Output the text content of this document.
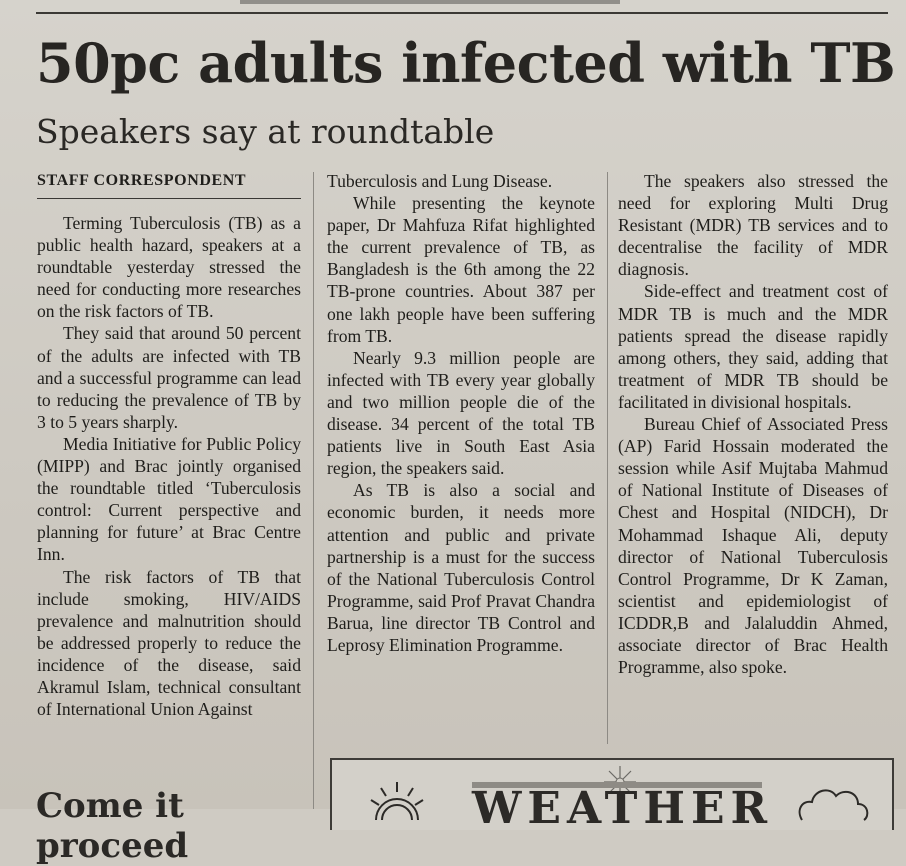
50pc adults infected with TB
Speakers say at roundtable
STAFF CORRESPONDENT

Terming Tuberculosis (TB) as a public health hazard, speakers at a roundtable yesterday stressed the need for conducting more researches on the risk factors of TB.

They said that around 50 percent of the adults are infected with TB and a successful programme can lead to reducing the prevalence of TB by 3 to 5 years sharply.

Media Initiative for Public Policy (MIPP) and Brac jointly organised the roundtable titled ‘Tuberculosis control: Current perspective and planning for future’ at Brac Centre Inn.

The risk factors of TB that include smoking, HIV/AIDS prevalence and malnutrition should be addressed properly to reduce the incidence of the disease, said Akramul Islam, technical consultant of International Union Against

Tuberculosis and Lung Disease.

While presenting the keynote paper, Dr Mahfuza Rifat highlighted the current prevalence of TB, as Bangladesh is the 6th among the 22 TB-prone countries. About 387 per one lakh people have been suffering from TB.

Nearly 9.3 million people are infected with TB every year globally and two million people die of the disease. 34 percent of the total TB patients live in South East Asia region, the speakers said.

As TB is also a social and economic burden, it needs more attention and public and private partnership is a must for the success of the National Tuberculosis Control Programme, said Prof Pravat Chandra Barua, line director TB Control and Leprosy Elimination Programme.

The speakers also stressed the need for exploring Multi Drug Resistant (MDR) TB services and to decentralise the facility of MDR diagnosis.

Side-effect and treatment cost of MDR TB is much and the MDR patients spread the disease rapidly among others, they said, adding that treatment of MDR TB should be facilitated in divisional hospitals.

Bureau Chief of Associated Press (AP) Farid Hossain moderated the session while Asif Mujtaba Mahmud of National Institute of Diseases of Chest and Hospital (NIDCH), Dr Mohammad Ishaque Ali, deputy director of National Tuberculosis Control Programme, Dr K Zaman, scientist and epidemiologist of ICDDR,B and Jalaluddin Ahmed, associate director of Brac Health Programme, also spoke.

Come it proceed
WEATHER
